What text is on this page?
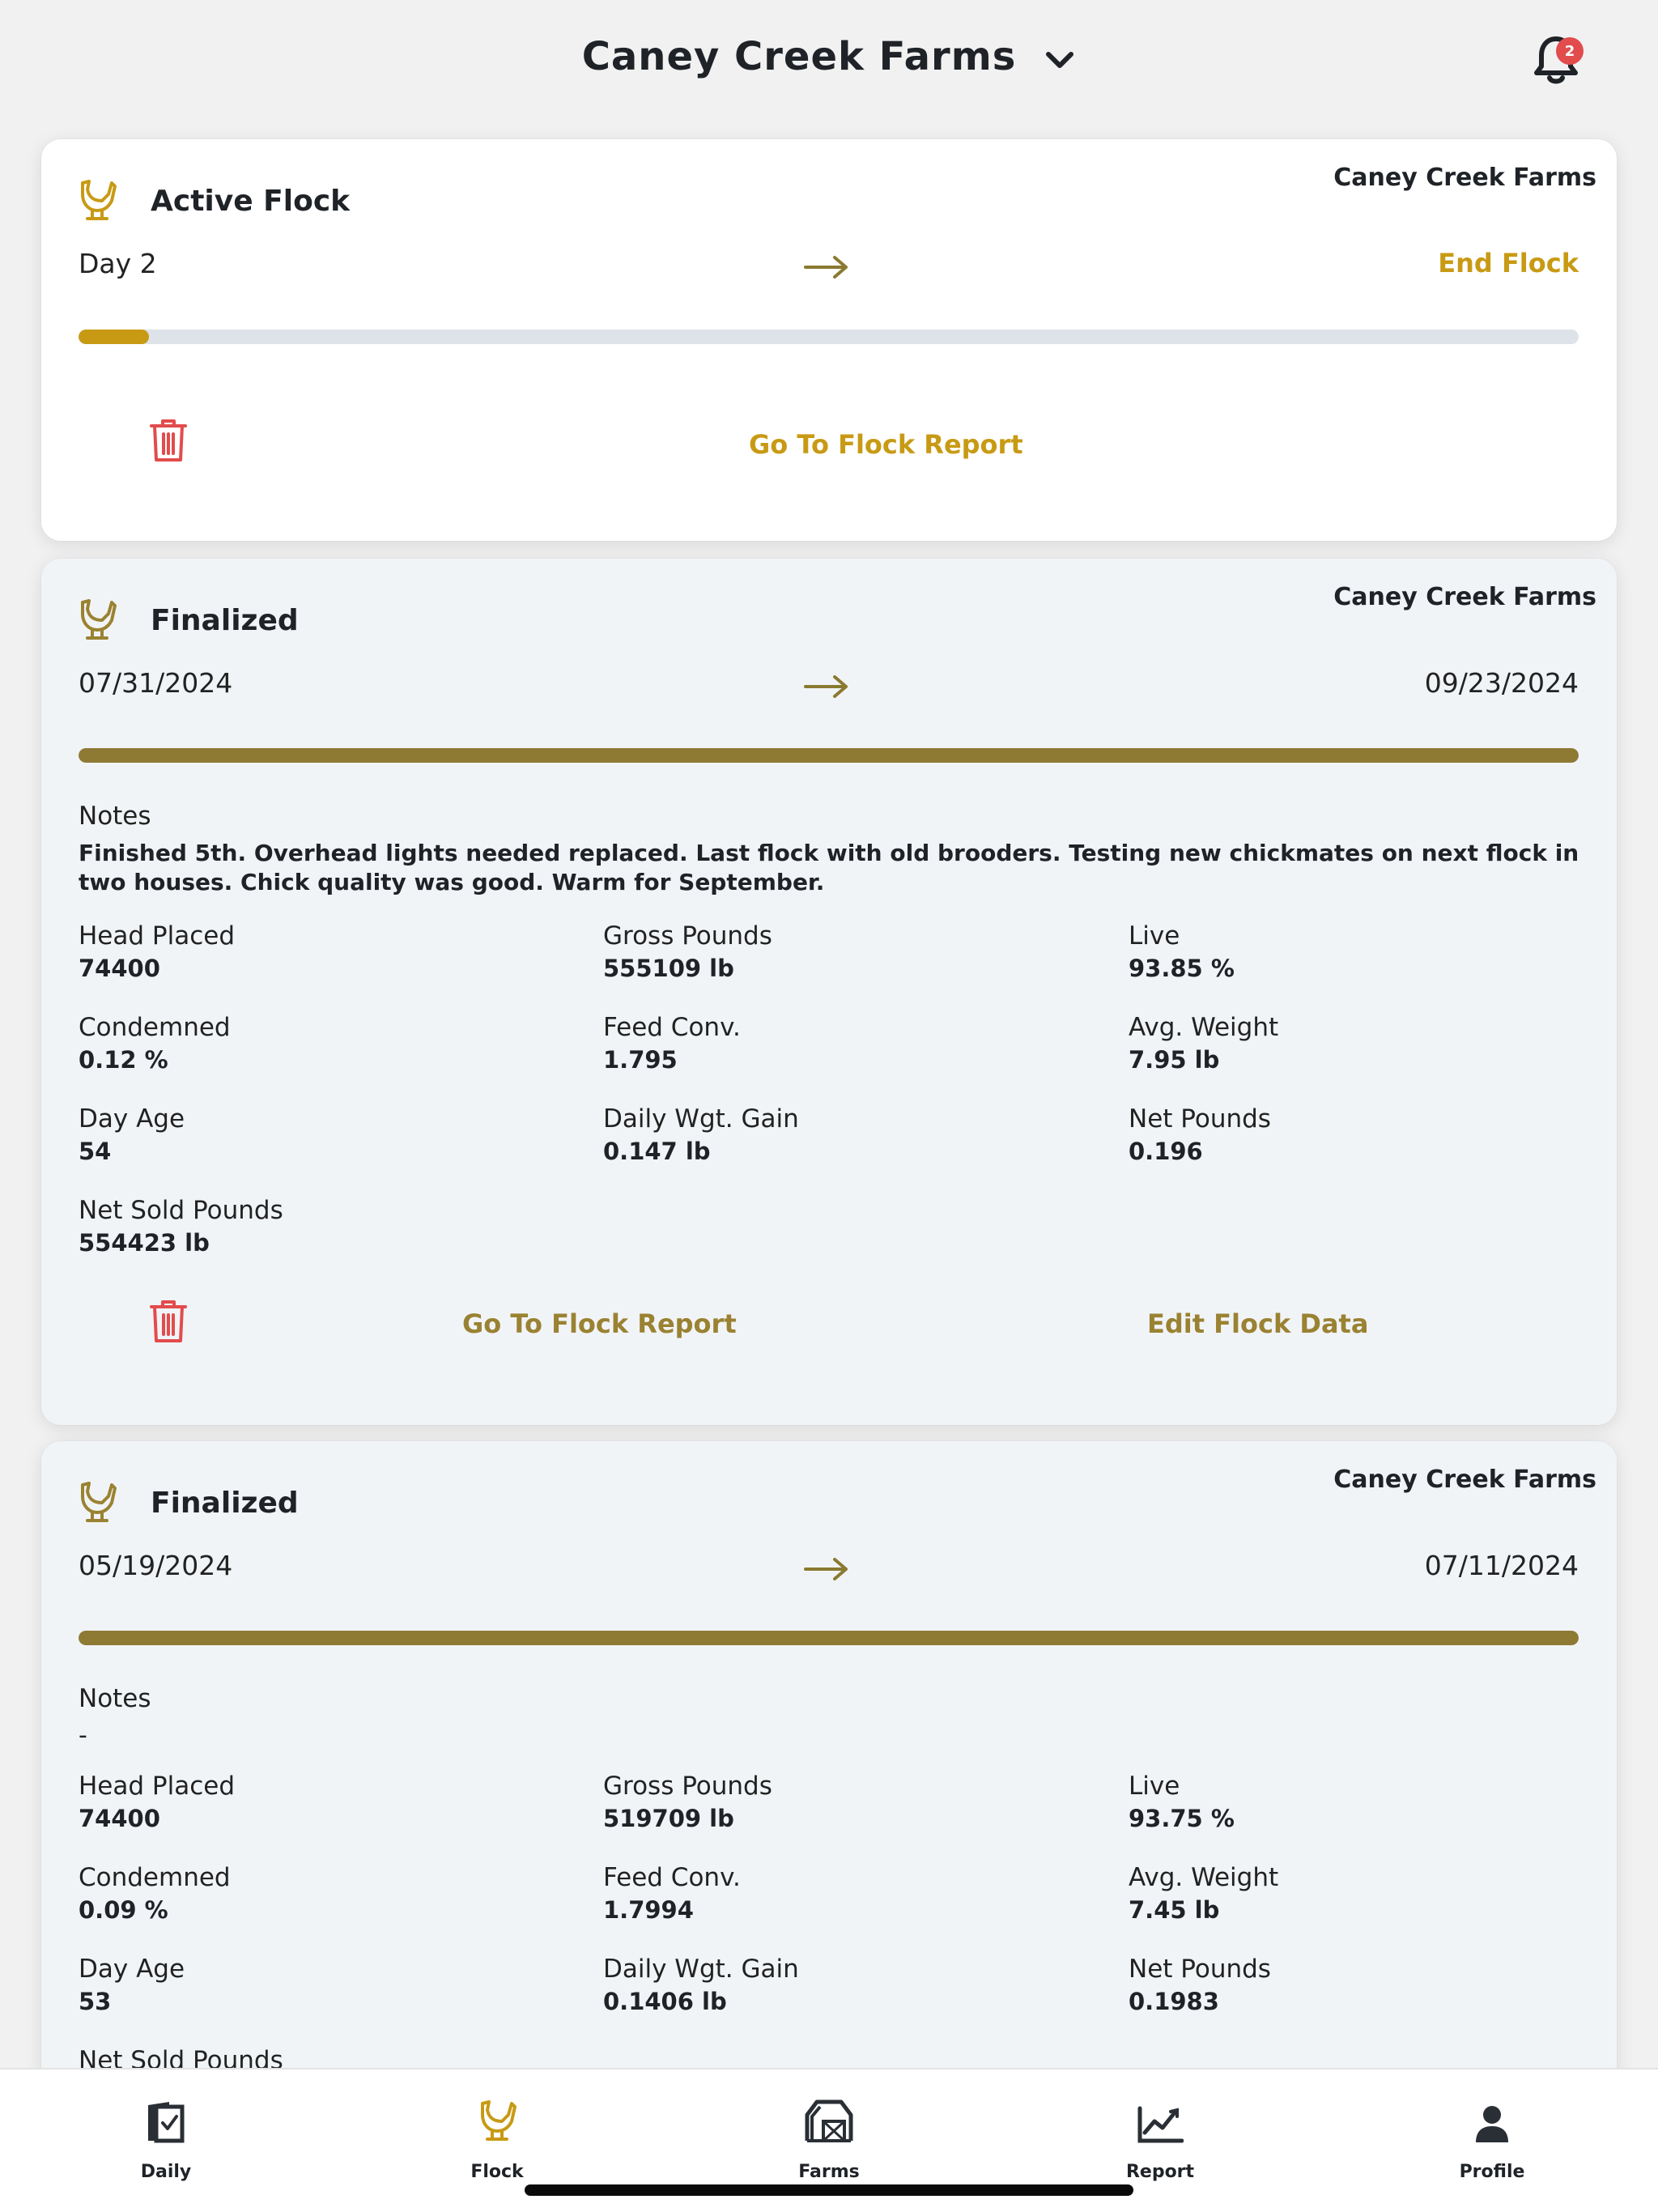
Caney Creek Farms	2
Caney Creek Farms
Active Flock
Day 2	End Flock
Go To Flock Report
Caney Creek Farms
Finalized
07/31/2024	09/23/2024
Notes
Finished 5th. Overhead lights needed replaced. Last flock with old brooders. Testing new chickmates on next flock in two houses. Chick quality was good. Warm for September.
Head Placed
74400
Gross Pounds
555109 lb
Live
93.85 %
Condemned
0.12 %
Feed Conv.
1.795
Avg. Weight
7.95 lb
Day Age
54
Daily Wgt. Gain
0.147 lb
Net Pounds
0.196
Net Sold Pounds
554423 lb
Go To Flock Report	Edit Flock Data
Caney Creek Farms
Finalized
05/19/2024	07/11/2024
Notes
-
Head Placed
74400
Gross Pounds
519709 lb
Live
93.75 %
Condemned
0.09 %
Feed Conv.
1.7994
Avg. Weight
7.45 lb
Day Age
53
Daily Wgt. Gain
0.1406 lb
Net Pounds
0.1983
Net Sold Pounds
Daily	Flock	Farms	Report	Profile
